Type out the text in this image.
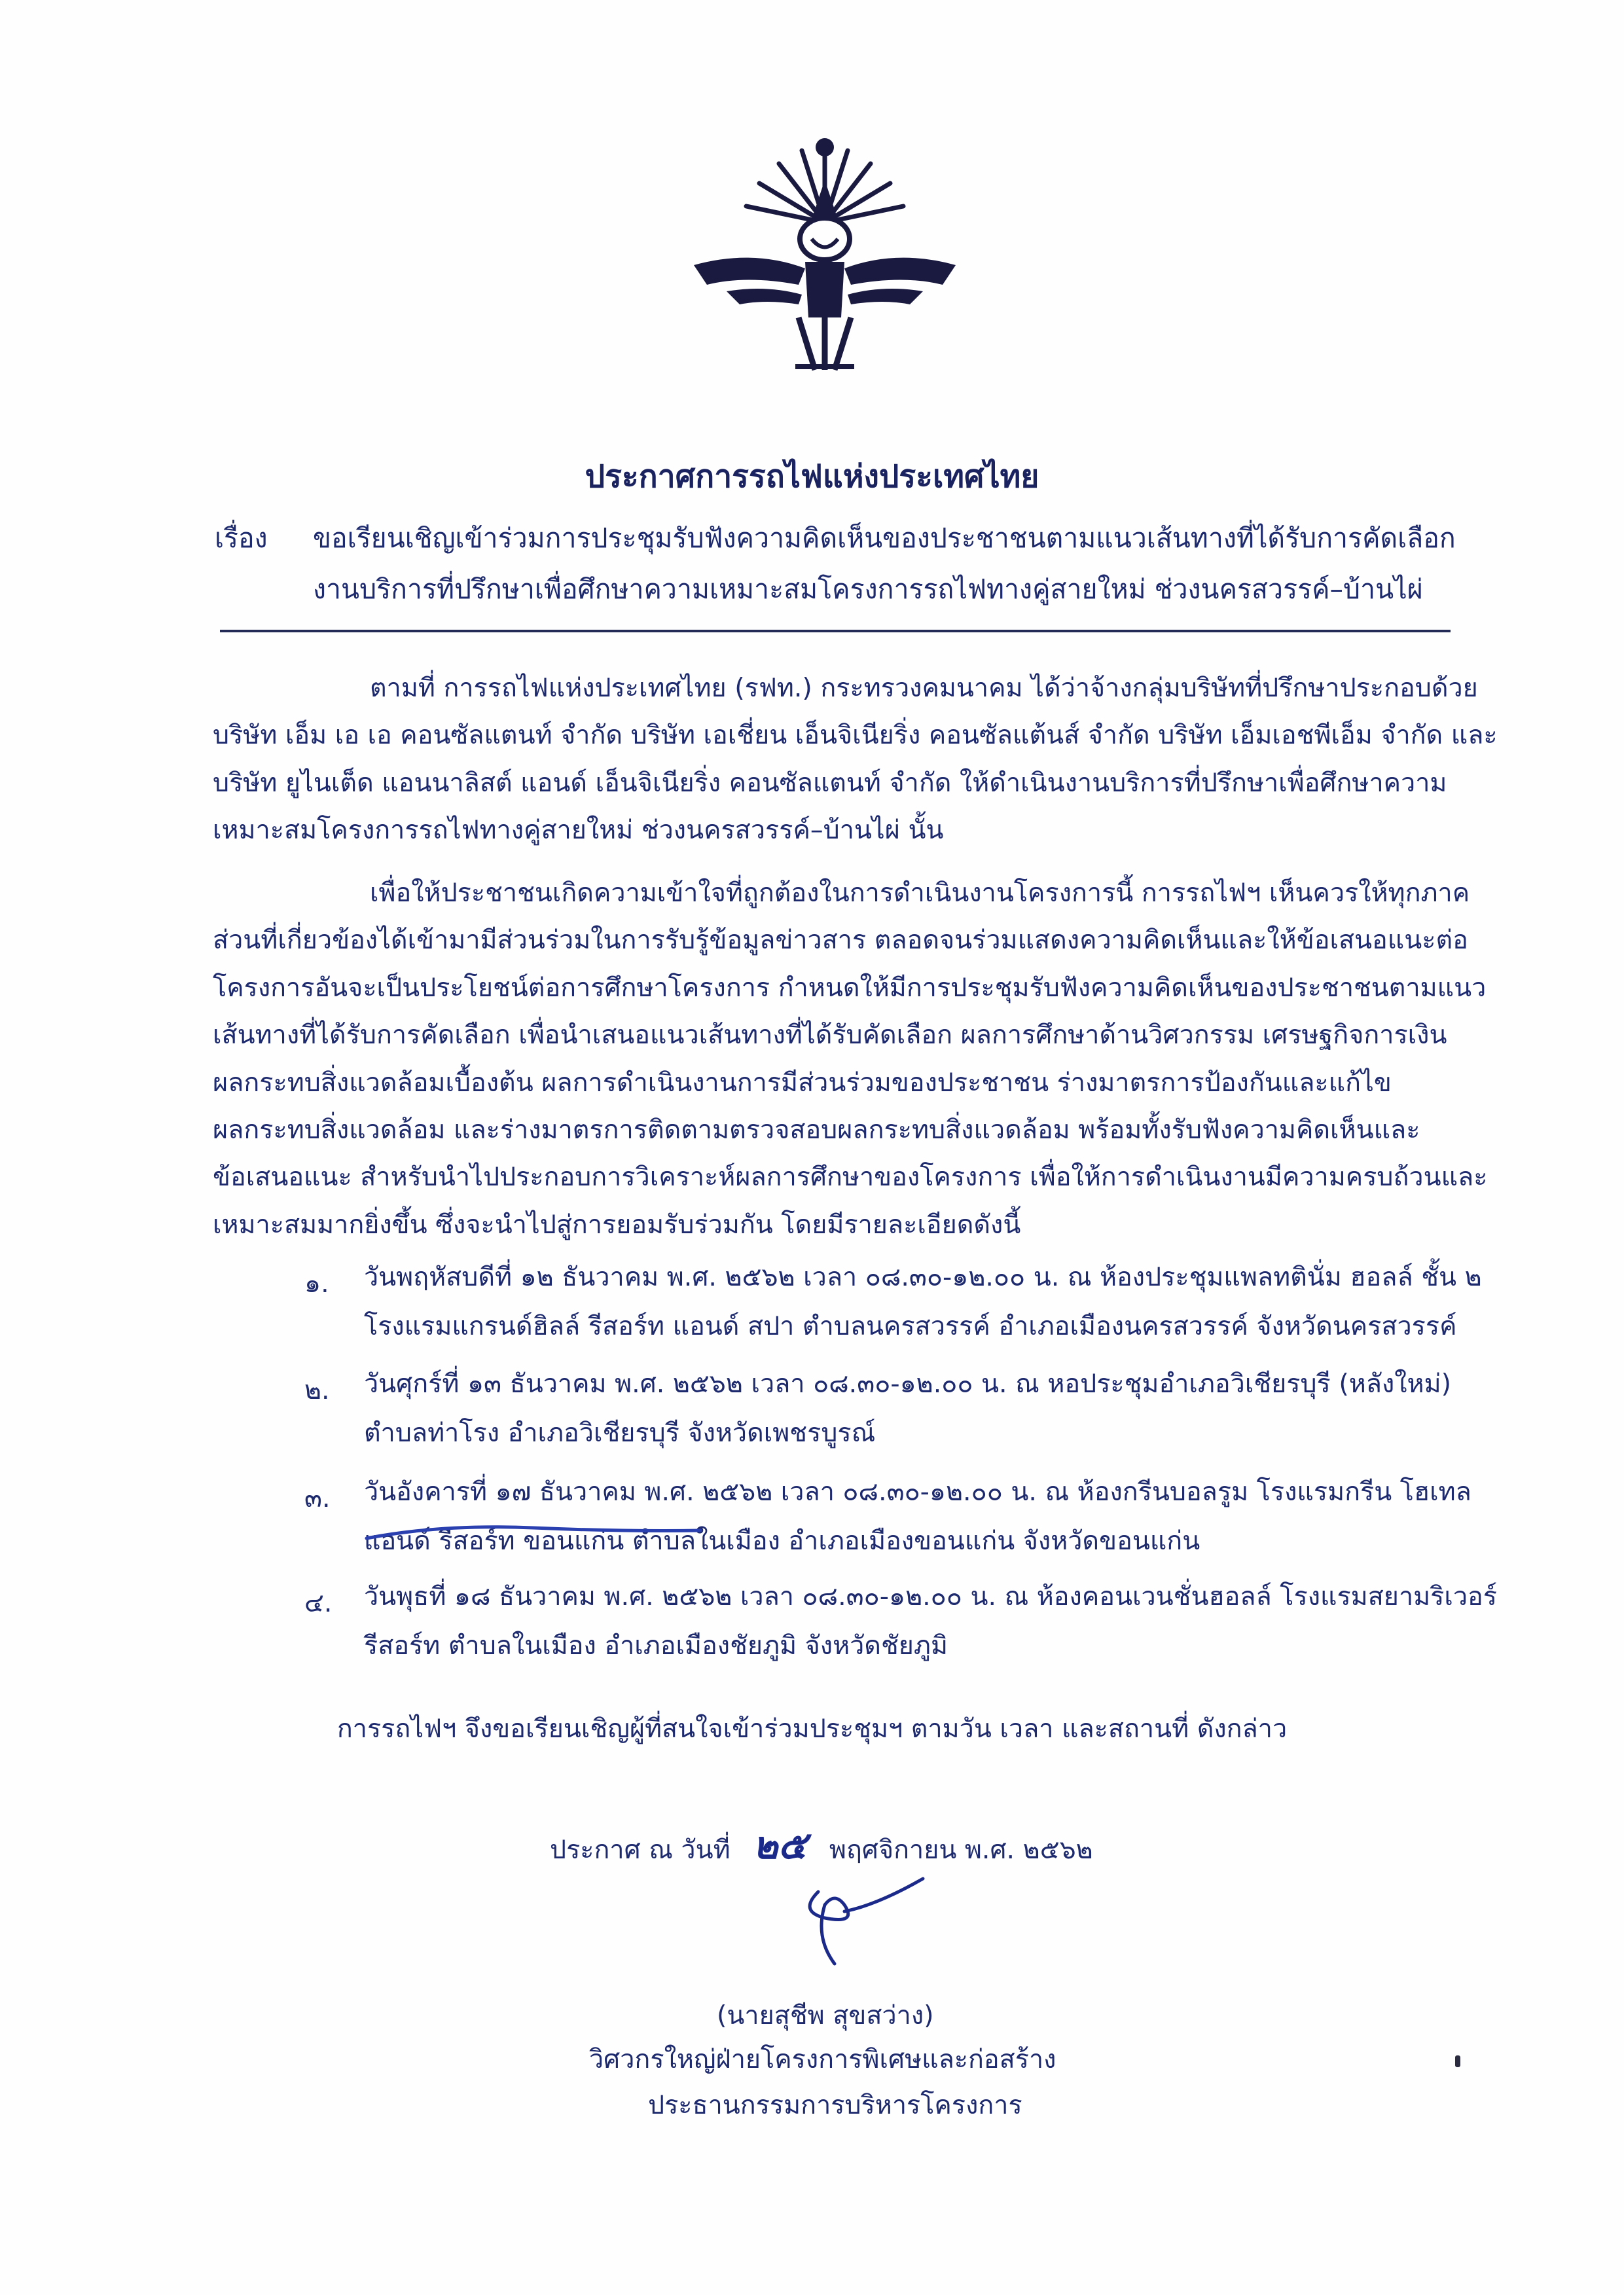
ประกาศการรถไฟแห่งประเทศไทย
เรื่อง ขอเรียนเชิญเข้าร่วมการประชุมรับฟังความคิดเห็นของประชาชนตามแนวเส้นทางที่ได้รับการคัดเลือก
งานบริการที่ปรึกษาเพื่อศึกษาความเหมาะสมโครงการรถไฟทางคู่สายใหม่ ช่วงนครสวรรค์–บ้านไผ่
ตามที่ การรถไฟแห่งประเทศไทย (รฟท.) กระทรวงคมนาคม ได้ว่าจ้างกลุ่มบริษัทที่ปรึกษาประกอบด้วย
บริษัท เอ็ม เอ เอ คอนซัลแตนท์ จำกัด บริษัท เอเชี่ยน เอ็นจิเนียริ่ง คอนซัลแต้นส์ จำกัด บริษัท เอ็มเอชพีเอ็ม จำกัด และ
บริษัท ยูไนเต็ด แอนนาลิสต์ แอนด์ เอ็นจิเนียริ่ง คอนซัลแตนท์ จำกัด ให้ดำเนินงานบริการที่ปรึกษาเพื่อศึกษาความ
เหมาะสมโครงการรถไฟทางคู่สายใหม่ ช่วงนครสวรรค์–บ้านไผ่ นั้น
เพื่อให้ประชาชนเกิดความเข้าใจที่ถูกต้องในการดำเนินงานโครงการนี้ การรถไฟฯ เห็นควรให้ทุกภาค
ส่วนที่เกี่ยวข้องได้เข้ามามีส่วนร่วมในการรับรู้ข้อมูลข่าวสาร ตลอดจนร่วมแสดงความคิดเห็นและให้ข้อเสนอแนะต่อ
โครงการอันจะเป็นประโยชน์ต่อการศึกษาโครงการ กำหนดให้มีการประชุมรับฟังความคิดเห็นของประชาชนตามแนว
เส้นทางที่ได้รับการคัดเลือก เพื่อนำเสนอแนวเส้นทางที่ได้รับคัดเลือก ผลการศึกษาด้านวิศวกรรม เศรษฐกิจการเงิน
ผลกระทบสิ่งแวดล้อมเบื้องต้น ผลการดำเนินงานการมีส่วนร่วมของประชาชน ร่างมาตรการป้องกันและแก้ไข
ผลกระทบสิ่งแวดล้อม และร่างมาตรการติดตามตรวจสอบผลกระทบสิ่งแวดล้อม พร้อมทั้งรับฟังความคิดเห็นและ
ข้อเสนอแนะ สำหรับนำไปประกอบการวิเคราะห์ผลการศึกษาของโครงการ เพื่อให้การดำเนินงานมีความครบถ้วนและ
เหมาะสมมากยิ่งขึ้น ซึ่งจะนำไปสู่การยอมรับร่วมกัน โดยมีรายละเอียดดังนี้
๑. วันพฤหัสบดีที่ ๑๒ ธันวาคม พ.ศ. ๒๕๖๒ เวลา ๐๘.๓๐-๑๒.๐๐ น. ณ ห้องประชุมแพลทตินั่ม ฮอลล์ ชั้น ๒
โรงแรมแกรนด์ฮิลล์ รีสอร์ท แอนด์ สปา ตำบลนครสวรรค์ อำเภอเมืองนครสวรรค์ จังหวัดนครสวรรค์
๒. วันศุกร์ที่ ๑๓ ธันวาคม พ.ศ. ๒๕๖๒ เวลา ๐๘.๓๐-๑๒.๐๐ น. ณ หอประชุมอำเภอวิเชียรบุรี (หลังใหม่)
ตำบลท่าโรง อำเภอวิเชียรบุรี จังหวัดเพชรบูรณ์
๓. วันอังคารที่ ๑๗ ธันวาคม พ.ศ. ๒๕๖๒ เวลา ๐๘.๓๐-๑๒.๐๐ น. ณ ห้องกรีนบอลรูม โรงแรมกรีน โฮเทล
แอนด์ รีสอร์ท ขอนแก่น ตำบลในเมือง อำเภอเมืองขอนแก่น จังหวัดขอนแก่น
๔. วันพุธที่ ๑๘ ธันวาคม พ.ศ. ๒๕๖๒ เวลา ๐๘.๓๐-๑๒.๐๐ น. ณ ห้องคอนเวนชั่นฮอลล์ โรงแรมสยามริเวอร์
รีสอร์ท ตำบลในเมือง อำเภอเมืองชัยภูมิ จังหวัดชัยภูมิ
การรถไฟฯ จึงขอเรียนเชิญผู้ที่สนใจเข้าร่วมประชุมฯ ตามวัน เวลา และสถานที่ ดังกล่าว
ประกาศ ณ วันที่ ๒๕ พฤศจิกายน พ.ศ. ๒๕๖๒
(นายสุชีพ สุขสว่าง)
วิศวกรใหญ่ฝ่ายโครงการพิเศษและก่อสร้าง
ประธานกรรมการบริหารโครงการ
